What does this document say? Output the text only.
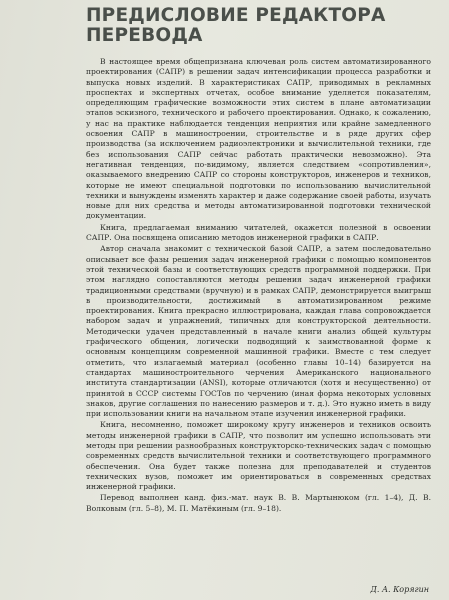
ПРЕДИСЛОВИЕ РЕДАКТОРА
ПЕРЕВОДА

В настоящее время общепризнана ключевая роль систем автоматизированного проектирования (САПР) в решении задач интенсификации процесса разработки и выпуска новых изделий. В характеристиках САПР, приводимых в рекламных проспектах и экспертных отчетах, особое внимание уделяется показателям, определяющим графические возможности этих систем в плане автоматизации этапов эскизного, технического и рабочего проектирования. Однако, к сожалению, у нас на практике наблюдается тенденция неприятия или крайне замедленного освоения САПР в машиностроении, строительстве и в ряде других сфер производства (за исключением радиоэлектроники и вычислительной техники, где без использования САПР сейчас работать практически невозможно). Эта негативная тенденция, по-видимому, является следствием «сопротивления», оказываемого внедрению САПР со стороны конструкторов, инженеров и техников, которые не имеют специальной подготовки по использованию вычислительной техники и вынуждены изменять характер и даже содержание своей работы, изучать новые для них средства и методы автоматизированной подготовки технической документации.

Книга, предлагаемая вниманию читателей, окажется полезной в освоении САПР. Она посвящена описанию методов инженерной графики в САПР.

Автор сначала знакомит с технической базой САПР, а затем последовательно описывает все фазы решения задач инженерной графики с помощью компонентов этой технической базы и соответствующих средств программной поддержки. При этом наглядно сопоставляются методы решения задач инженерной графики традиционными средствами (вручную) и в рамках САПР, демонстрируется выигрыш в производительности, достижимый в автоматизированном режиме проектирования. Книга прекрасно иллюстрирована, каждая глава сопровождается набором задач и упражнений, типичных для конструкторской деятельности. Методически удачен представленный в начале книги анализ общей культуры графического общения, логически подводящий к заимствованной форме к основным концепциям современной машинной графики. Вместе с тем следует отметить, что излагаемый материал (особенно главы 10–14) базируется на стандартах машиностроительного черчения Американского национального института стандартизации (ANSI), которые отличаются (хотя и несущественно) от принятой в СССР системы ГОСТов по черчению (иная форма некоторых условных знаков, другие соглашения по нанесению размеров и т. д.). Это нужно иметь в виду при использовании книги на начальном этапе изучения инженерной графики.

Книга, несомненно, поможет широкому кругу инженеров и техников освоить методы инженерной графики в САПР, что позволит им успешно использовать эти методы при решении разнообразных конструкторско-технических задач с помощью современных средств вычислительной техники и соответствующего программного обеспечения. Она будет также полезна для преподавателей и студентов технических вузов, поможет им ориентироваться в современных средствах инженерной графики.

Перевод выполнен канд. физ.-мат. наук В. В. Мартынюком (гл. 1–4), Д. В. Волковым (гл. 5–8), М. П. Матёкиным (гл. 9–18).

Д. А. Корягин
